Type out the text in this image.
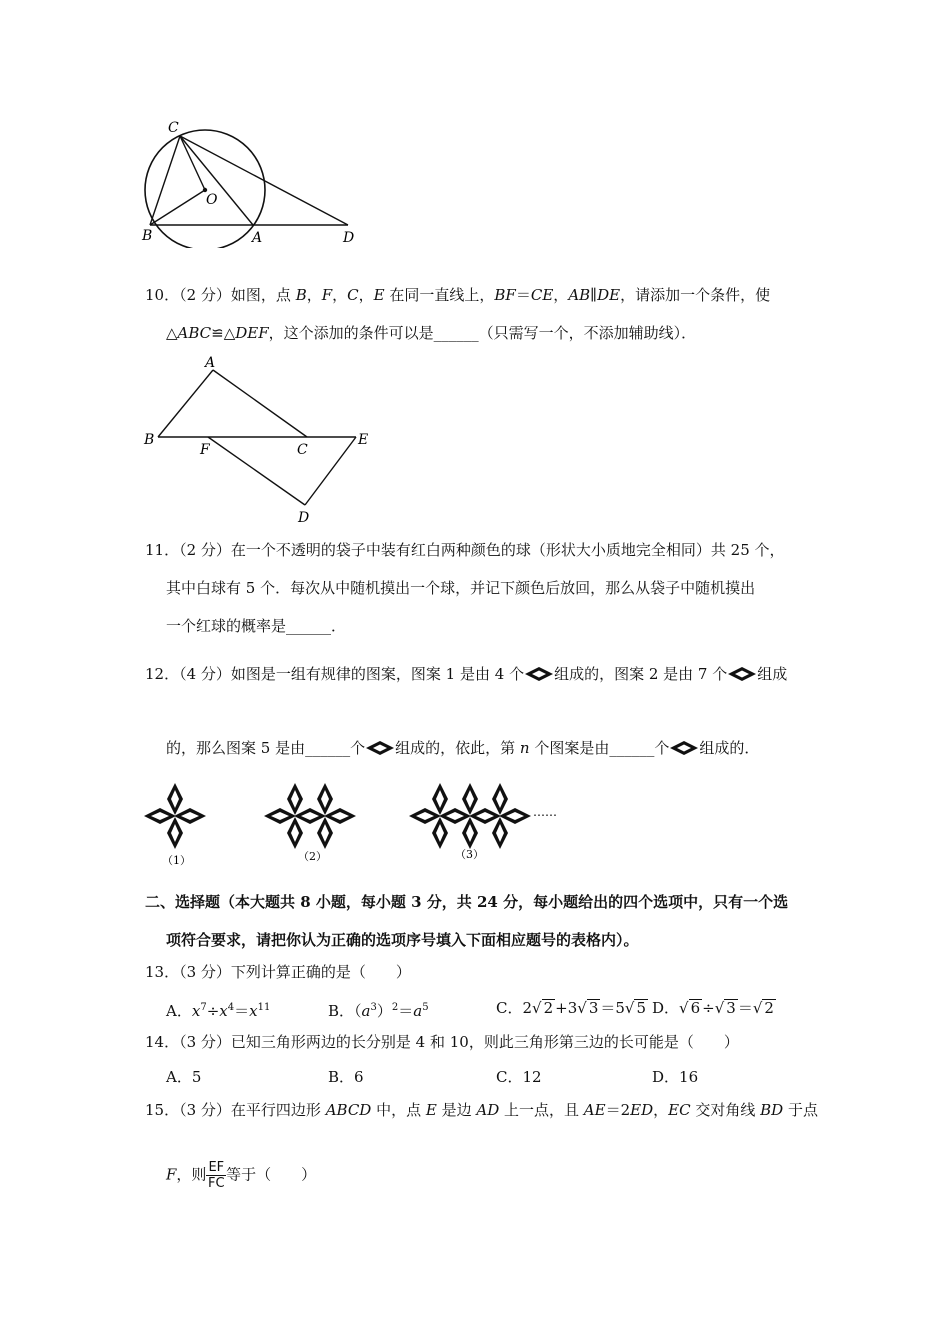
C
O
B	A	D
10．（2 分）如图，点 B，F，C，E 在同一直线上，BF＝CE，AB∥DE，请添加一个条件，使
△ABC≌△DEF，这个添加的条件可以是______（只需写一个，不添加辅助线）．
A
B
F	C
E
D
11．（2 分）在一个不透明的袋子中装有红白两种颜色的球（形状大小质地完全相同）共 25 个，
其中白球有 5 个．每次从中随机摸出一个球，并记下颜色后放回，那么从袋子中随机摸出
一个红球的概率是______．
12．（4 分）如图是一组有规律的图案，图案 1 是由 4 个 组成的，图案 2 是由 7 个 组成
的，那么图案 5 是由______个 组成的，依此，第 n 个图案是由______个 组成的．
……
（1）	（2）	（3）
二、选择题（本大题共 8 小题，每小题 3 分，共 24 分，每小题给出的四个选项中，只有一个选
项符合要求，请把你认为正确的选项序号填入下面相应题号的表格内）。
13．（3 分）下列计算正确的是（　　）
A．$x^7\div x^4=x^{11}$	B．$(a^3)^2=a^5$	C．2√ 2 +3√ 3 ＝5√ 5 D．√ 6 ÷√ 3 ＝√ 2
14．（3 分）已知三角形两边的长分别是 4 和 10，则此三角形第三边的长可能是（　　）
A．5	B．6	C．12	D．16
15．（3 分）在平行四边形 ABCD 中，点 E 是边 AD 上一点，且 AE＝2ED，EC 交对角线 BD 于点
F，则 $\frac{EF}{FC}$ 等于（　　）
